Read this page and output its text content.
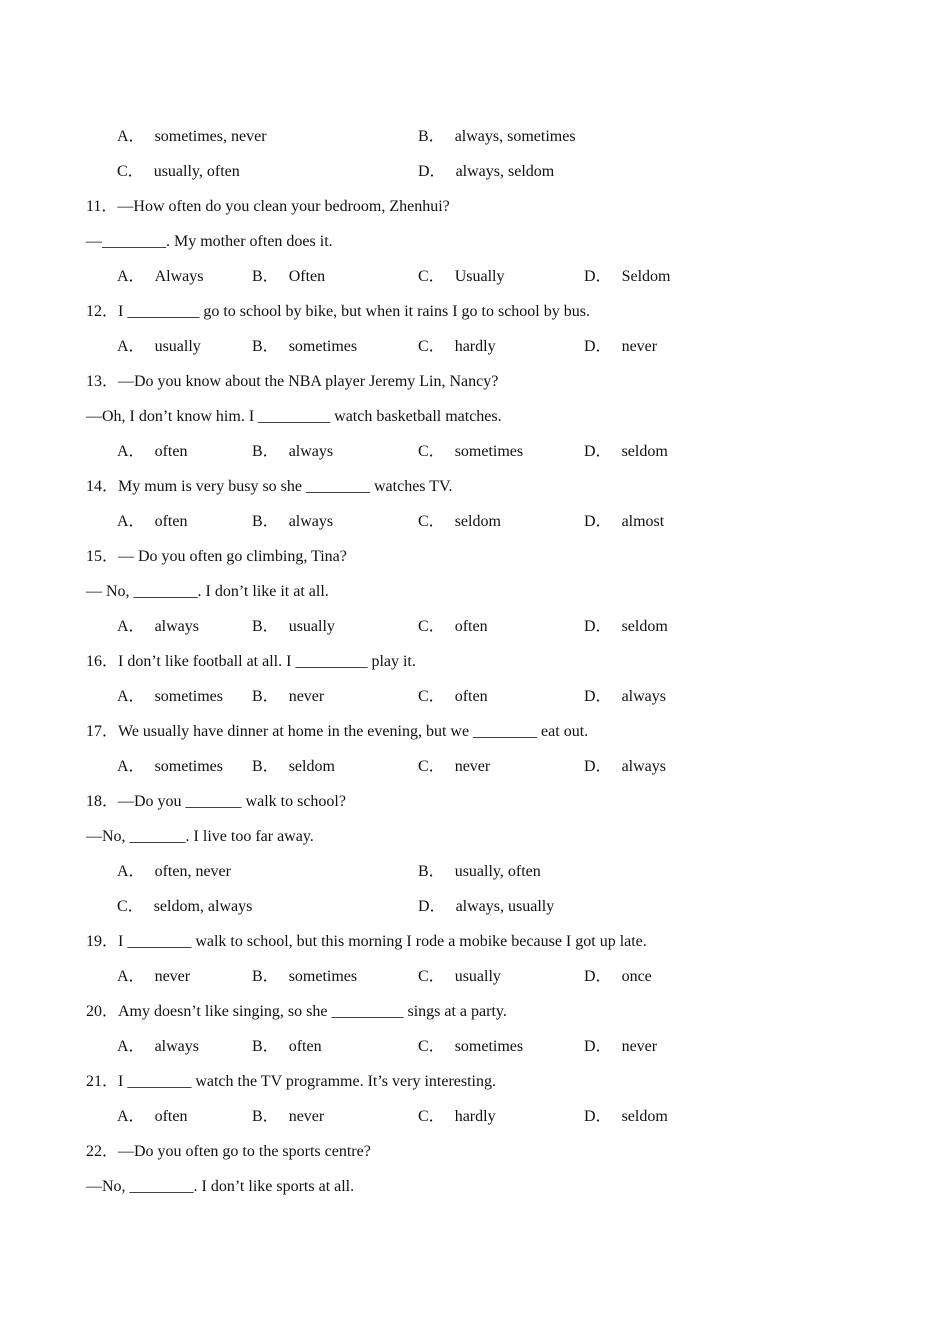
A． sometimes, never	B． always, sometimes
C． usually, often	D． always, seldom
11．—How often do you clean your bedroom, Zhenhui?
—________. My mother often does it.
A． Always	B． Often	C． Usually	D． Seldom
12．I _________ go to school by bike, but when it rains I go to school by bus.
A． usually	B． sometimes	C． hardly	D． never
13．—Do you know about the NBA player Jeremy Lin, Nancy?
—Oh, I don’t know him. I _________ watch basketball matches.
A． often	B． always	C． sometimes	D． seldom
14．My mum is very busy so she ________ watches TV.
A． often	B． always	C． seldom	D． almost
15．— Do you often go climbing, Tina?
— No, ________. I don’t like it at all.
A． always	B． usually	C． often	D． seldom
16．I don’t like football at all. I _________ play it.
A． sometimes B． never	C． often	D． always
17．We usually have dinner at home in the evening, but we ________ eat out.
A． sometimes B． seldom	C． never	D． always
18．—Do you _______ walk to school?
—No, _______. I live too far away.
A． often, never	B． usually, often
C． seldom, always	D． always, usually
19．I ________ walk to school, but this morning I rode a mobike because I got up late.
A． never	B． sometimes	C． usually	D． once
20．Amy doesn’t like singing, so she _________ sings at a party.
A． always	B． often	C． sometimes	D． never
21．I ________ watch the TV programme. It’s very interesting.
A． often	B． never	C． hardly	D． seldom
22．—Do you often go to the sports centre?
—No, ________. I don’t like sports at all.
